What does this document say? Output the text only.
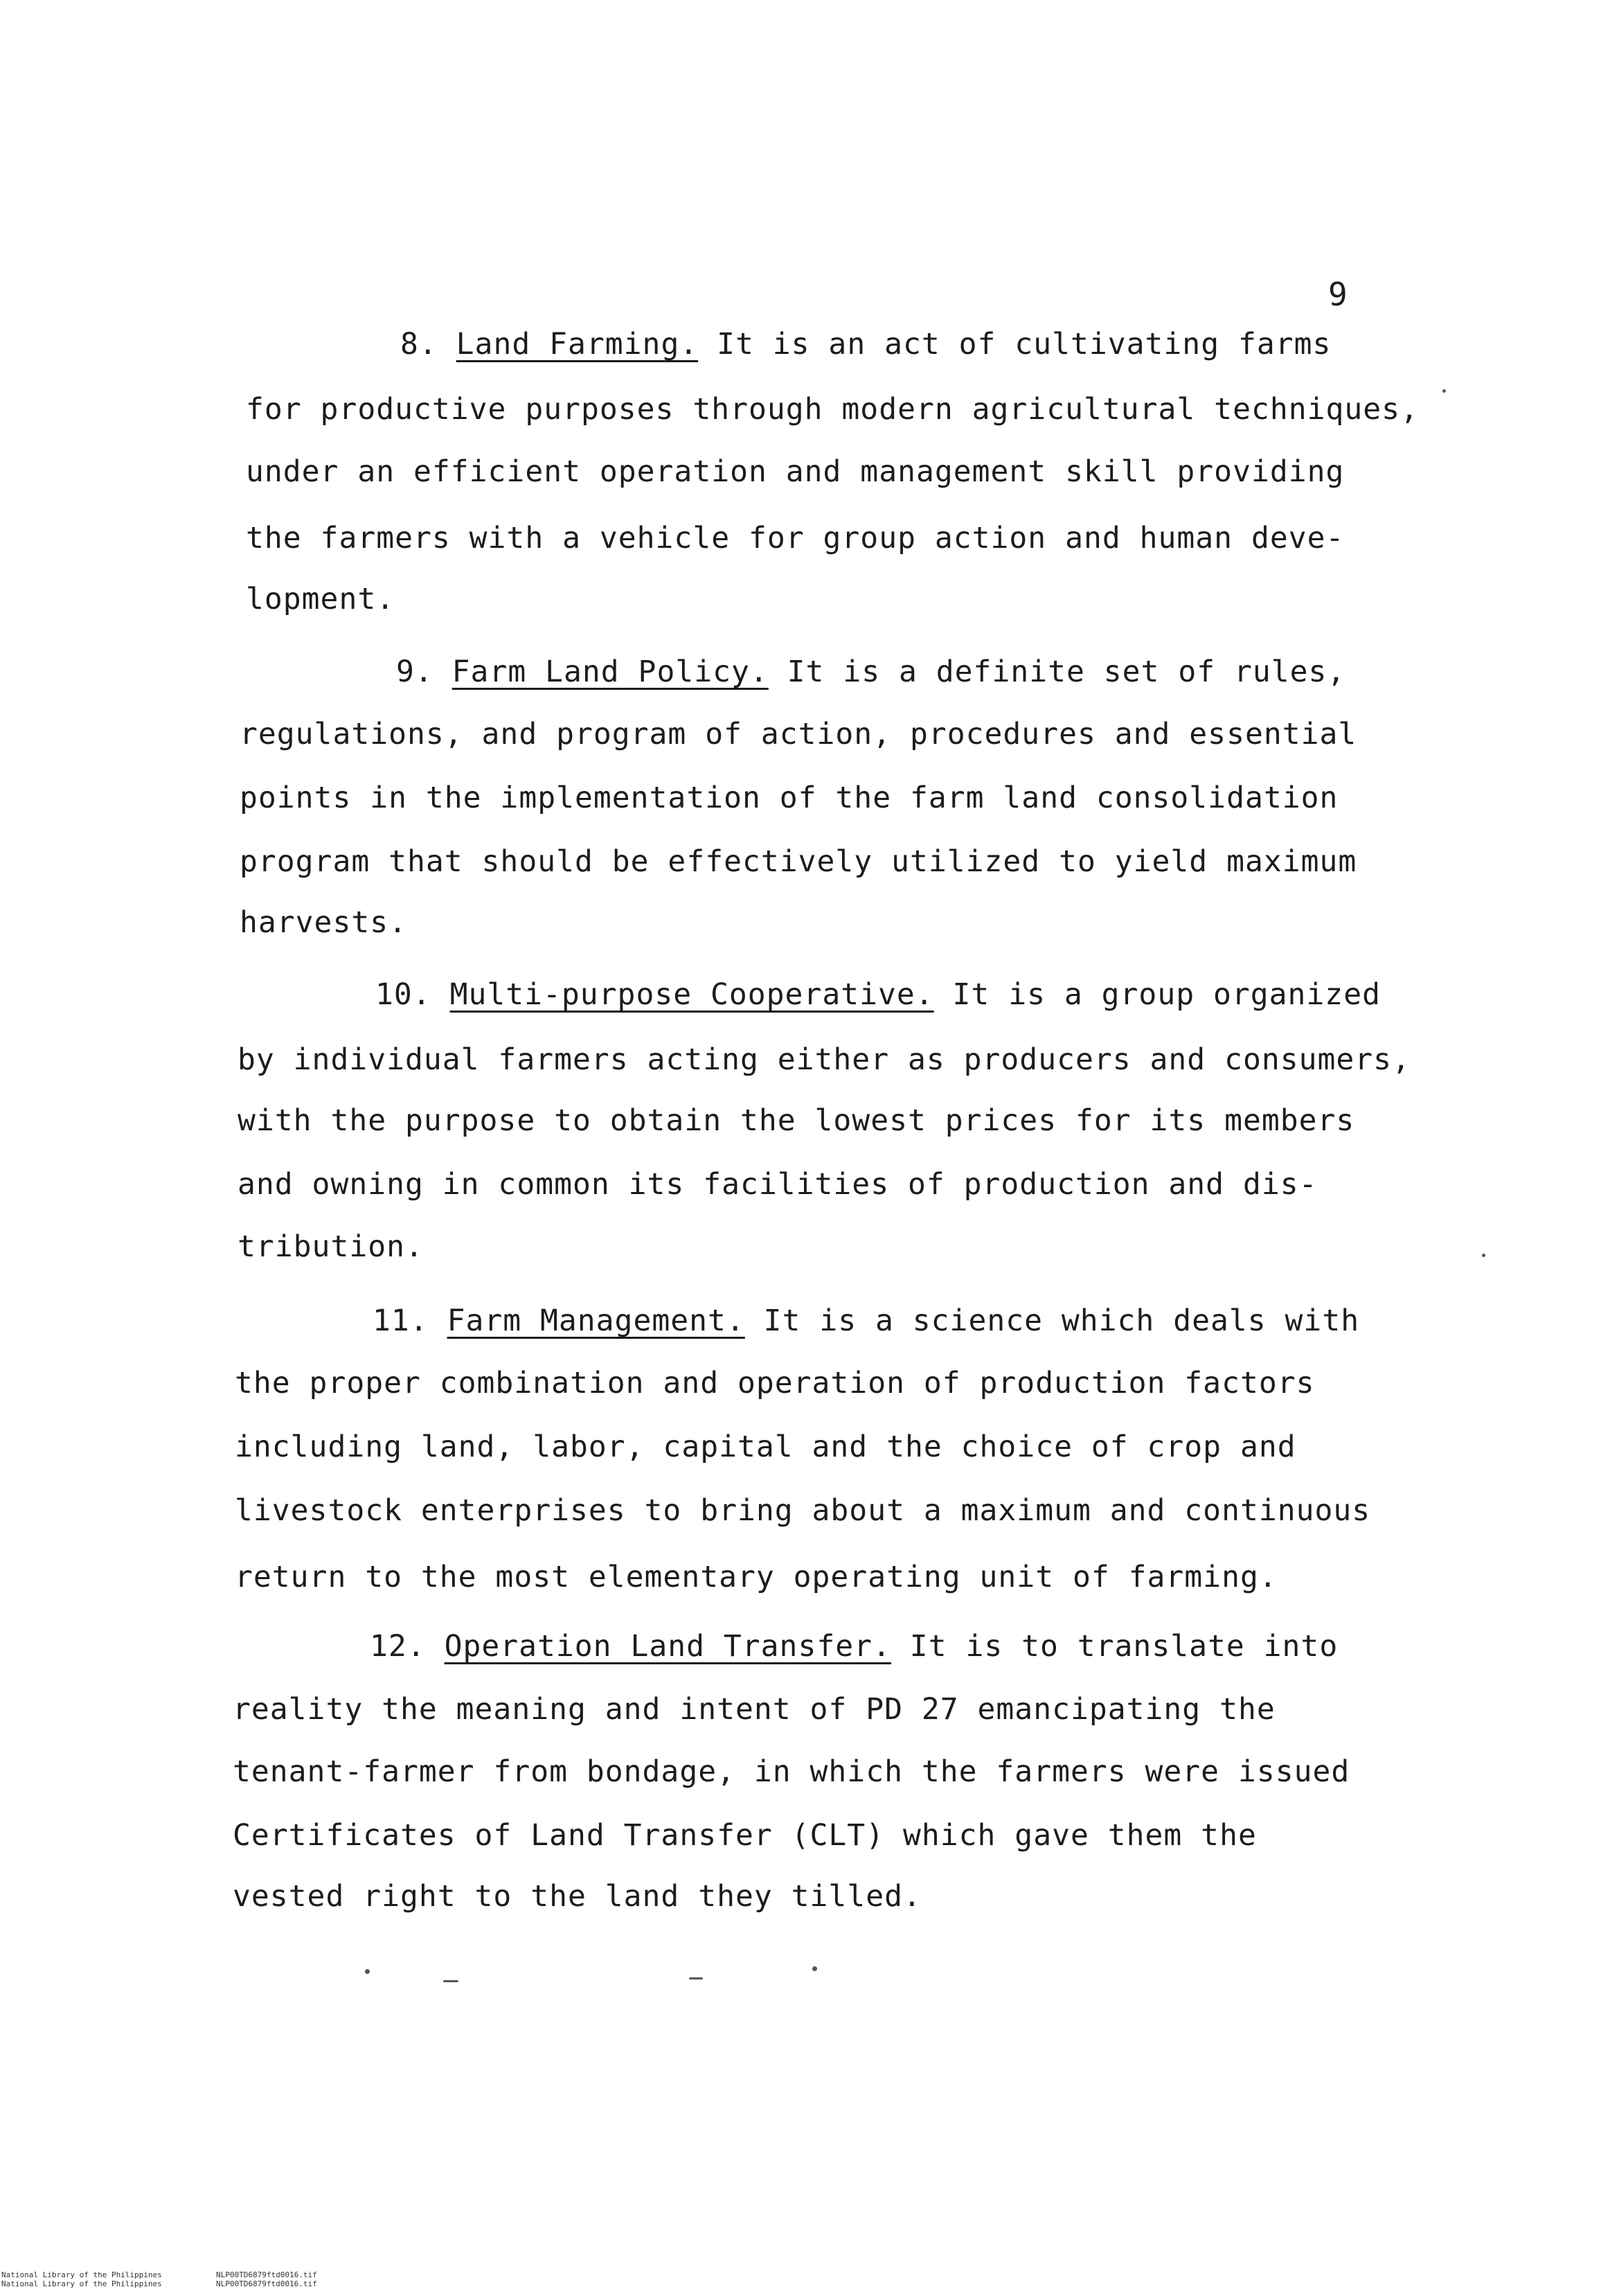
9
8. Land Farming. It is an act of cultivating farms
for productive purposes through modern agricultural techniques,
under an efficient operation and management skill providing
the farmers with a vehicle for group action and human deve-
lopment.
9. Farm Land Policy. It is a definite set of rules,
regulations, and program of action, procedures and essential
points in the implementation of the farm land consolidation
program that should be effectively utilized to yield maximum
harvests.
10. Multi-purpose Cooperative. It is a group organized
by individual farmers acting either as producers and consumers,
with the purpose to obtain the lowest prices for its members
and owning in common its facilities of production and dis-
tribution.
11. Farm Management. It is a science which deals with
the proper combination and operation of production factors
including land, labor, capital and the choice of crop and
livestock enterprises to bring about a maximum and continuous
return to the most elementary operating unit of farming.
12. Operation Land Transfer. It is to translate into
reality the meaning and intent of PD 27 emancipating the
tenant-farmer from bondage, in which the farmers were issued
Certificates of Land Transfer (CLT) which gave them the
vested right to the land they tilled.
National Library of the Philippines	NLP00TD6879ftd0016.tif
National Library of the Philippines	NLP00TD6879ftd0016.tif
